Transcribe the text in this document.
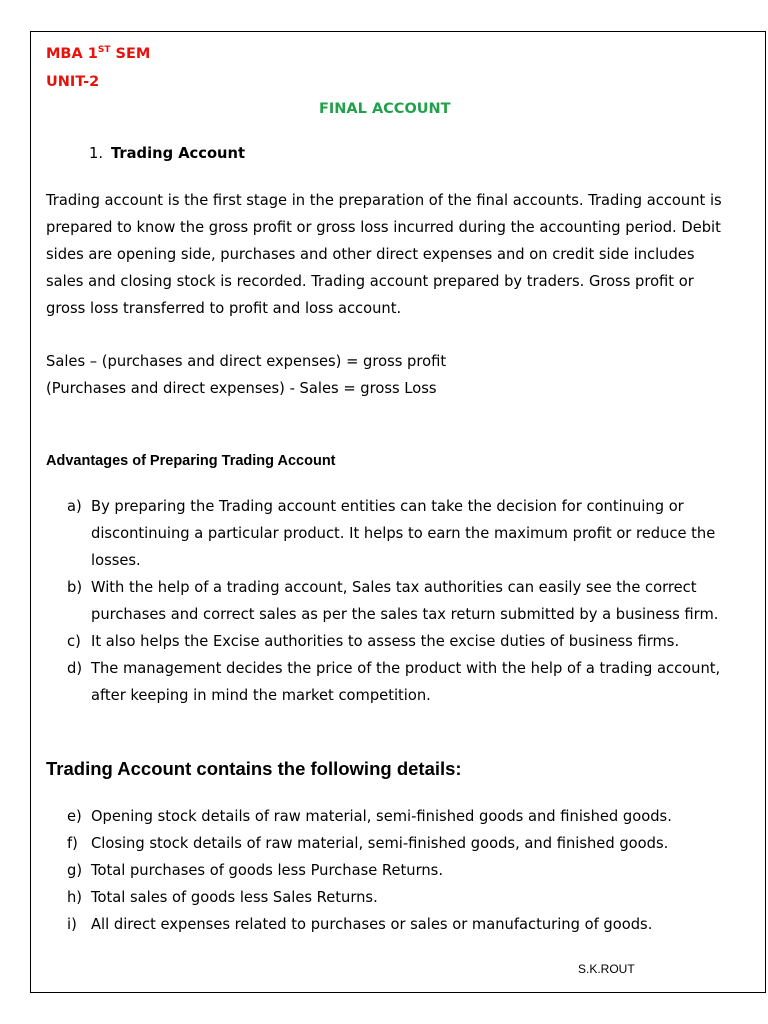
MBA 1ST SEM
UNIT-2
FINAL ACCOUNT
1. Trading Account
Trading account is the first stage in the preparation of the final accounts. Trading account is
prepared to know the gross profit or gross loss incurred during the accounting period. Debit
sides are opening side, purchases and other direct expenses and on credit side includes
sales and closing stock is recorded. Trading account prepared by traders. Gross profit or
gross loss transferred to profit and loss account.
Sales – (purchases and direct expenses) = gross profit
(Purchases and direct expenses) - Sales = gross Loss
Advantages of Preparing Trading Account
a) By preparing the Trading account entities can take the decision for continuing or
discontinuing a particular product. It helps to earn the maximum profit or reduce the
losses.
b) With the help of a trading account, Sales tax authorities can easily see the correct
purchases and correct sales as per the sales tax return submitted by a business firm.
c) It also helps the Excise authorities to assess the excise duties of business firms.
d) The management decides the price of the product with the help of a trading account,
after keeping in mind the market competition.
Trading Account contains the following details:
e) Opening stock details of raw material, semi-finished goods and finished goods.
f) Closing stock details of raw material, semi-finished goods, and finished goods.
g) Total purchases of goods less Purchase Returns.
h) Total sales of goods less Sales Returns.
i) All direct expenses related to purchases or sales or manufacturing of goods.
S.K.ROUT
